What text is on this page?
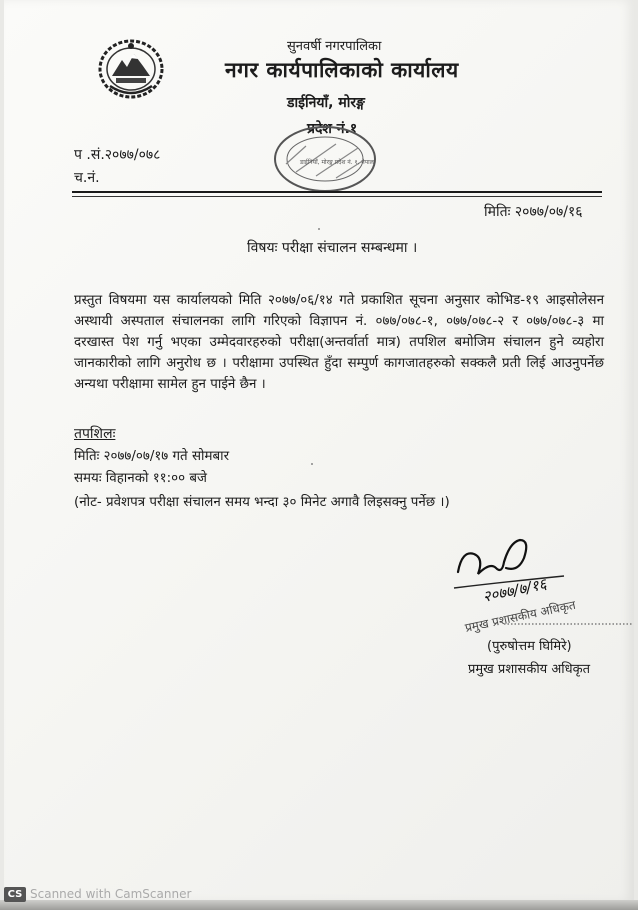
सुनवर्षी नगरपालिका
नगर कार्यपालिकाको कार्यालय
डाईनियाँ, मोरङ्ग
प्रदेश नं.१
डाईनियाँ, मोरङ्ग प्रदेश नं. १, नेपाल
प .सं.२०७७/०७८
च.नं.
मितिः २०७७/०७/१६
विषयः परीक्षा संचालन सम्बन्धमा ।
प्रस्तुत विषयमा यस कार्यालयको मिति २०७७/०६/१४ गते प्रकाशित सूचना अनुसार कोभिड-१९ आइसोलेसन अस्थायी अस्पताल संचालनका लागि गरिएको विज्ञापन नं. ०७७/०७८-१, ०७७/०७८-२ र ०७७/०७८-३ मा दरखास्त पेश गर्नु भएका उम्मेदवारहरुको परीक्षा(अन्तर्वार्ता मात्र) तपशिल बमोजिम संचालन हुने व्यहोरा जानकारीको लागि अनुरोध छ । परीक्षामा उपस्थित हुँदा सम्पुर्ण कागजातहरुको सक्कलै प्रती लिई आउनुपर्नेछ अन्यथा परीक्षामा सामेल हुन पाईने छैन ।
तपशिलः
मितिः २०७७/०७/१७ गते सोमबार
समयः विहानको ११:०० बजे
(नोट- प्रवेशपत्र परीक्षा संचालन समय भन्दा ३० मिनेट अगावै लिइसक्नु पर्नेछ ।)
२०७७/७/१६
प्रमुख प्रशासकीय अधिकृत
(पुरुषोत्तम घिमिरे)
प्रमुख प्रशासकीय अधिकृत
CS Scanned with CamScanner
